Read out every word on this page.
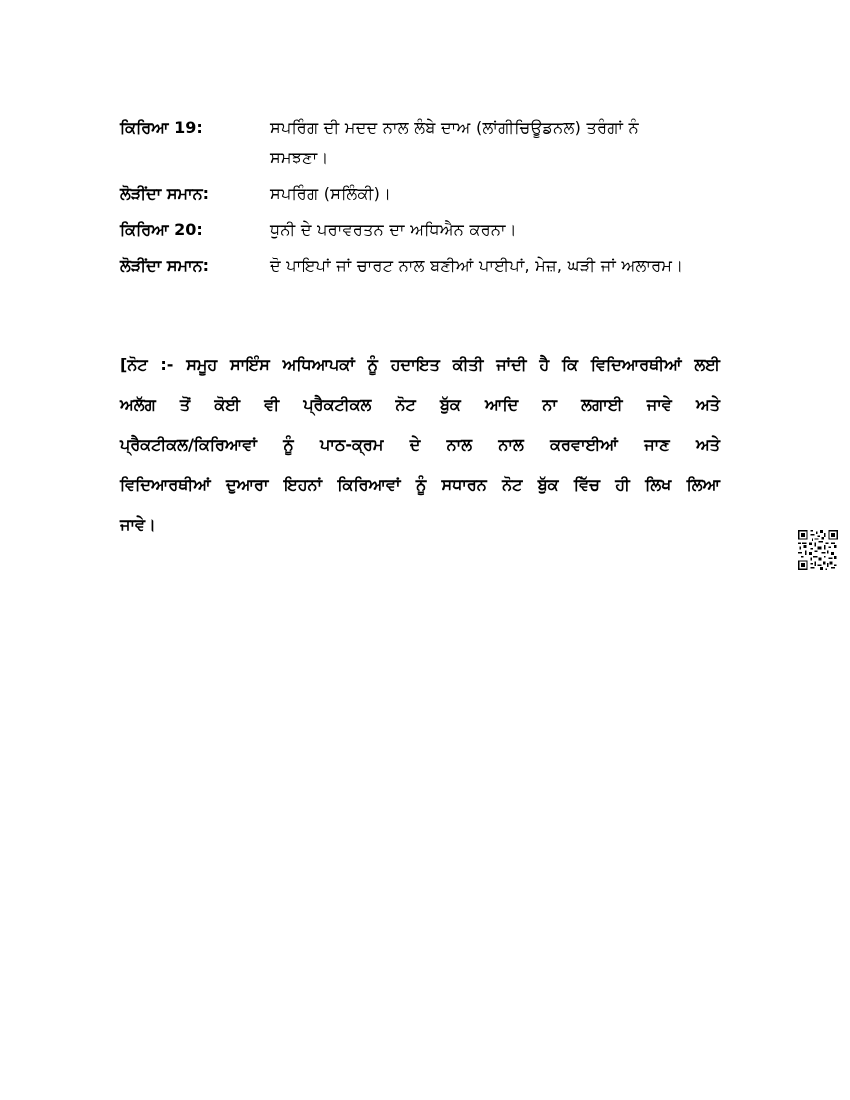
ਕਿਰਿਆ 19:	ਸਪਰਿੰਗ ਦੀ ਮਦਦ ਨਾਲ ਲੰਬੇ ਦਾਅ (ਲਾਂਗੀਚਿਊਡਨਲ) ਤਰੰਗਾਂ ਨੰ
ਸਮਝਣਾ।
ਲੋੜੀਂਦਾ ਸਮਾਨ:	ਸਪਰਿੰਗ (ਸਲਿੰਕੀ)।
ਕਿਰਿਆ 20:	ਧੁਨੀ ਦੇ ਪਰਾਵਰਤਨ ਦਾ ਅਧਿਐਨ ਕਰਨਾ।
ਲੋੜੀਂਦਾ ਸਮਾਨ:	ਦੋ ਪਾਇਪਾਂ ਜਾਂ ਚਾਰਟ ਨਾਲ ਬਣੀਆਂ ਪਾਈਪਾਂ, ਮੇਜ਼, ਘੜੀ ਜਾਂ ਅਲਾਰਮ।
[ਨੋਟ :- ਸਮੂਹ ਸਾਇੰਸ ਅਧਿਆਪਕਾਂ ਨੂੰ ਹਦਾਇਤ ਕੀਤੀ ਜਾਂਦੀ ਹੈ ਕਿ ਵਿਦਿਆਰਥੀਆਂ ਲਈ
ਅਲੱਗ ਤੋਂ ਕੋਈ ਵੀ ਪ੍ਰੈਕਟੀਕਲ ਨੋਟ ਬੁੱਕ ਆਦਿ ਨਾ ਲਗਾਈ ਜਾਵੇ ਅਤੇ
ਪ੍ਰੈਕਟੀਕਲ/ਕਿਰਿਆਵਾਂ ਨੂੰ ਪਾਠ-ਕ੍ਰਮ ਦੇ ਨਾਲ ਨਾਲ ਕਰਵਾਈਆਂ ਜਾਣ ਅਤੇ
ਵਿਦਿਆਰਥੀਆਂ ਦੁਆਰਾ ਇਹਨਾਂ ਕਿਰਿਆਵਾਂ ਨੂੰ ਸਧਾਰਨ ਨੋਟ ਬੁੱਕ ਵਿੱਚ ਹੀ ਲਿਖ ਲਿਆ
ਜਾਵੇ।
